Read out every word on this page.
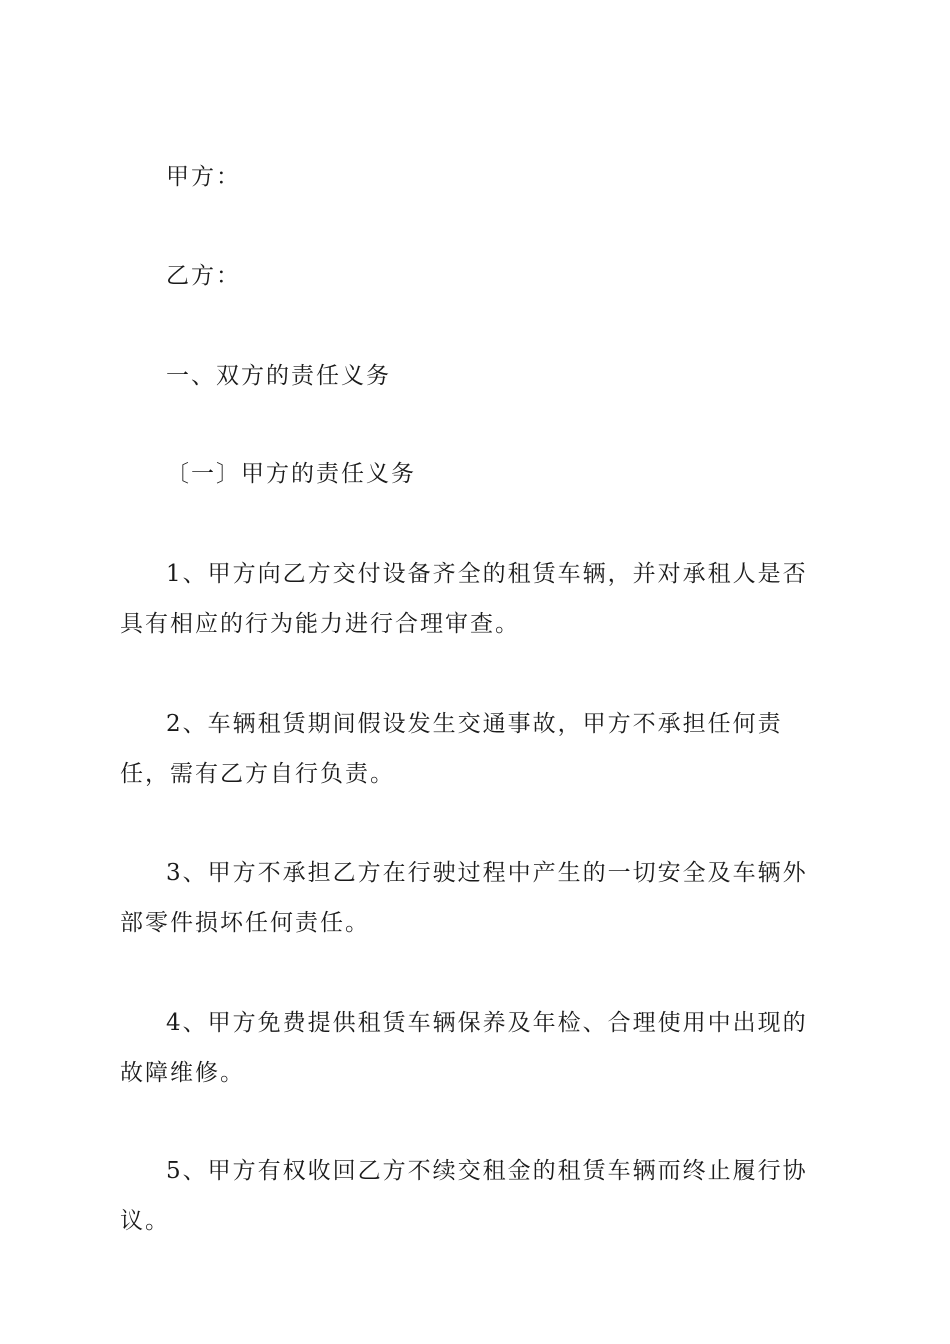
甲方：

乙方：

一、双方的责任义务

〔一〕甲方的责任义务

1、甲方向乙方交付设备齐全的租赁车辆，并对承租人是否具有相应的行为能力进行合理审查。

2、车辆租赁期间假设发生交通事故，甲方不承担任何责任，需有乙方自行负责。

3、甲方不承担乙方在行驶过程中产生的一切安全及车辆外部零件损坏任何责任。

4、甲方免费提供租赁车辆保养及年检、合理使用中出现的故障维修。

5、甲方有权收回乙方不续交租金的租赁车辆而终止履行协议。
